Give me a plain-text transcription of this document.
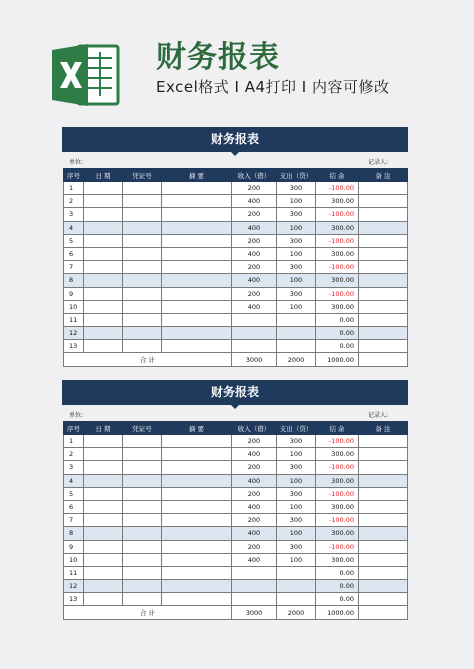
财务报表
Excel格式 I A4打印 I 内容可修改
财务报表
单位:	记录人:
序号	日 期	凭证号	摘 要	收入（借）	支出（贷）	结 余	备 注
1				200	300	-100.00	
2				400	100	300.00	
3				200	300	-100.00	
4				400	100	300.00	
5				200	300	-100.00	
6				400	100	300.00	
7				200	300	-100.00	
8				400	100	300.00	
9				200	300	-100.00	
10				400	100	300.00	
11						0.00	
12						0.00	
13						0.00	
合 计				3000	2000	1000.00	
财务报表
单位:	记录人:
序号	日 期	凭证号	摘 要	收入（借）	支出（贷）	结 余	备 注
1				200	300	-100.00	
2				400	100	300.00	
3				200	300	-100.00	
4				400	100	300.00	
5				200	300	-100.00	
6				400	100	300.00	
7				200	300	-100.00	
8				400	100	300.00	
9				200	300	-100.00	
10				400	100	300.00	
11						0.00	
12						0.00	
13						0.00	
合 计				3000	2000	1000.00	
